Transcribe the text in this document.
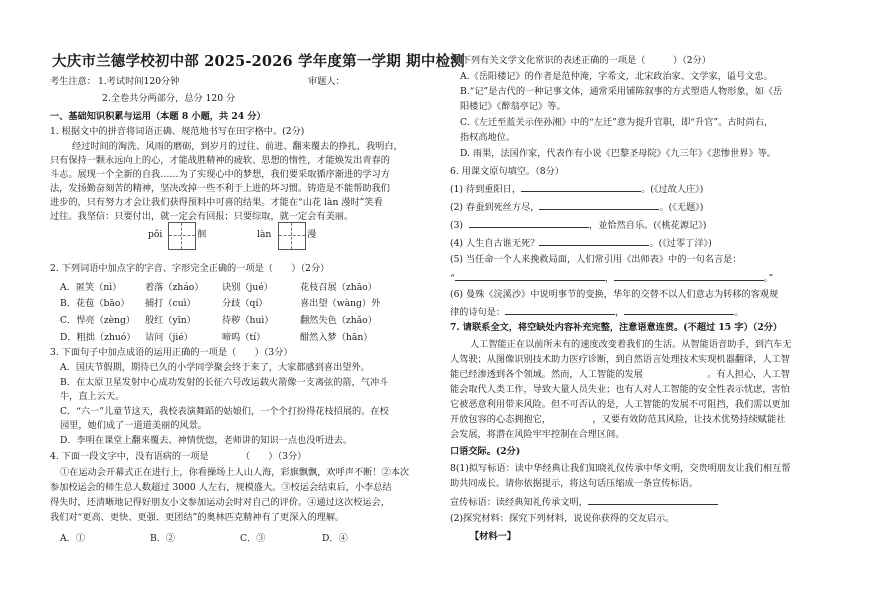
大庆市兰德学校初中部 2025-2026 学年度第一学期 期中检测
考生注意： 1.考试时间120分钟	审题人：
2.全卷共分两部分，总分 120 分
一、基础知识积累与运用（本题 8 小题，共 24 分）
1. 根据文中的拼音将词语正确、规范地书写在田字格中。(2分)
经过时间的淘洗、风雨的磨砺，到岁月的过往、前进、翻来覆去的挣扎，我明白，
只有保持一颗永远向上的心，才能战胜精神的疲软、思想的惰性，才能焕发出青春的
斗志。展现一个全新的自我……为了实现心中的梦想，我们要采取循序渐进的学习方
法，发扬勤奋刻苦的精神，坚决改掉一些不利于上进的坏习惯。铸造是不能帮助我们
进步的，只有努力才会让我们获得预料中可喜的结果。才能在“山花 làn 漫时”笑看
过往。我坚信：只要付出，就一定会有回报；只要综取，就一定会有美丽。
pǒi	徊	làn	漫
2. 下列词语中加点字的字音、字形完全正确的一项是（　　）（2分）
A．匿笑（nì）	着落（zháo） 诀别（jué）	花枝召展（zhāo）
B．花苞（bāo） 捕打（cuì）	分歧（qí）	喜出望（wàng）外
C．悍亮（zèng） 殷红（yīn）	待秽（huì）	翻然失色（zhǎo）
D．粗拙（zhuó） 诘问（jié）	啼呜（tí）	酣然入梦（hān）
3. 下面句子中加点成语的运用正确的一项是（　　）（3分）
A．国庆节假期，期待已久的小学同学聚会终于来了，大家都感到喜出望外。
B．在太原卫星发射中心成功发射的长征六号改运载火箭像一支离弦的箭，气冲斗
牛，直上云天。
C．“六一”儿童节这天，我校表演舞蹈的姑娘们，一个个打扮得花枝招展的。在校
园里，她们成了一道道美丽的风景。
D．李明在课堂上翻来覆去、神情恍惚，老师讲的知识一点也没听进去。
4. 下面一段文字中，没有语病的一项是　　　　（　　）（3分）
①在运动会开幕式正在进行上，你看操场上人山人海，彩旗飘飘，欢呼声不断！②本次
参加校运会的师生总人数超过 3000 人左右，规模盛大。③校运会结束后，小李总结
得失时，还清晰地记得好朋友小文参加运动会时对自己的评价。④通过这次校运会，
我们对“更高、更快、更强、更团结”的奥林匹克精神有了更深入的理解。
A．①	B．②	C．③	D．④
5. 下列有关文学文化常识的表述正确的一项是（　　　）（2分）
A.《岳阳楼记》的作者是范仲淹，字希文，北宋政治家、文学家，谥号文忠。
B.“记”是古代的一种记事文体，通常采用铺陈叙事的方式塑造人物形象，如《岳
阳楼记》《醉翁亭记》等。
C.《左迁至蓝关示侄孙湘》中的“左迁”意为提升官职，即“升官”。古时尚右，
指权高地位。
D. 雨果，法国作家，代表作有小说《巴黎圣母院》《九三年》《悲惨世界》等。
6. 用课文原句填空。（8分）
(1) 待到重阳日，	。(《过故人庄》)
(2) 春蚕到死丝方尽，	。(《无题》)
(3)	，並恰然自乐。(《桃花源记》)
(4) 人生自古谁无死？	。(《过零丁洋》)
(5) 当任命一个人来挽救局面，人们常引用《出师表》中的一句名言是：
“	，	。”
(6) 曼殊《浣溪沙》中说明事节的变换，华年的交替不以人们意志为转移的客观规
律的诗句是：	，	。
7. 请联系全文，将空缺处内容补充完整，注意语意连贯。(不超过 15 字）（2分）
人工智能正在以前所未有的速度改变着我们的生活。从智能语音助手，到汽车无
人驾驶；从图像识别技术助力医疗诊断，到自然语言处理技术实现机器翻译，人工智
能已经渗透到各个领域。然而，人工智能的发展　　　　　　　。有人担心，人工智
能会取代人类工作，导致大量人员失业；也有人对人工智能的安全性表示忧虑，害怕
它被恶意利用带来风险。但不可否认的是，人工智能的发展不可阻挡，我们需以更加
开放包容的心态拥抱它，　　　　　，又要有效防范其风险，让技术优势持续赋能社
会发展，将潜在风险牢牢控制在合理区间。
口语交际。(2分)
8(1)拟写标语：读中华经典让我们知晓礼仪传承中华文明，交贵明朋友让我们相互帮
助共同成长。请你依据提示，将这句话压缩成一条宣传标语。
宣传标语：读经典知礼传承文明，
(2)探究材料：探究下列材料，说说你获得的交友启示。
【材料一】
